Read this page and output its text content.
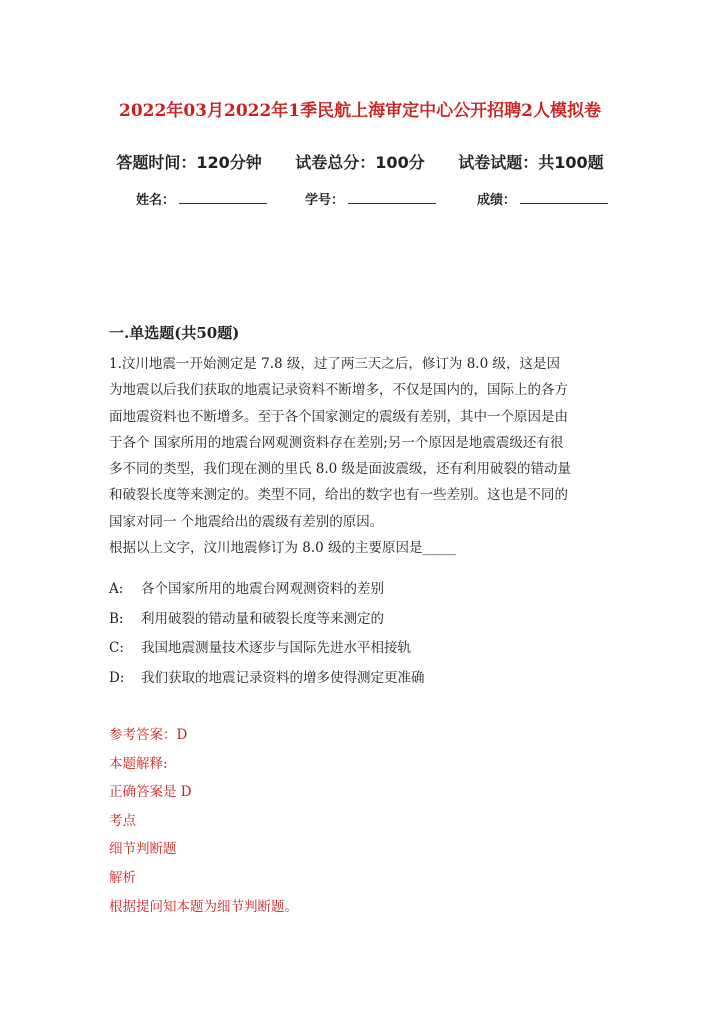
2022年03月2022年1季民航上海审定中心公开招聘2人模拟卷
答题时间：120分钟 试卷总分：100分 试卷试题：共100题
姓名：	学号：	成绩：
一.单选题(共50题)

1.汶川地震一开始测定是 7.8 级，过了两三天之后，修订为 8.0 级，这是因

为地震以后我们获取的地震记录资料不断增多，不仅是国内的，国际上的各方

面地震资料也不断增多。至于各个国家测定的震级有差别，其中一个原因是由

于各个 国家所用的地震台网观测资料存在差别;另一个原因是地震震级还有很

多不同的类型，我们现在测的里氏 8.0 级是面波震级，还有利用破裂的错动量

和破裂长度等来测定的。类型不同，给出的数字也有一些差别。这也是不同的

国家对同一 个地震给出的震级有差别的原因。

根据以上文字，汶川地震修订为 8.0 级的主要原因是_____

A: 各个国家所用的地震台网观测资料的差别
B: 利用破裂的错动量和破裂长度等来测定的
C: 我国地震测量技术逐步与国际先进水平相接轨
D: 我们获取的地震记录资料的增多使得测定更准确
参考答案：D
本题解释:
正确答案是 D
考点
细节判断题
解析
根据提问知本题为细节判断题。
